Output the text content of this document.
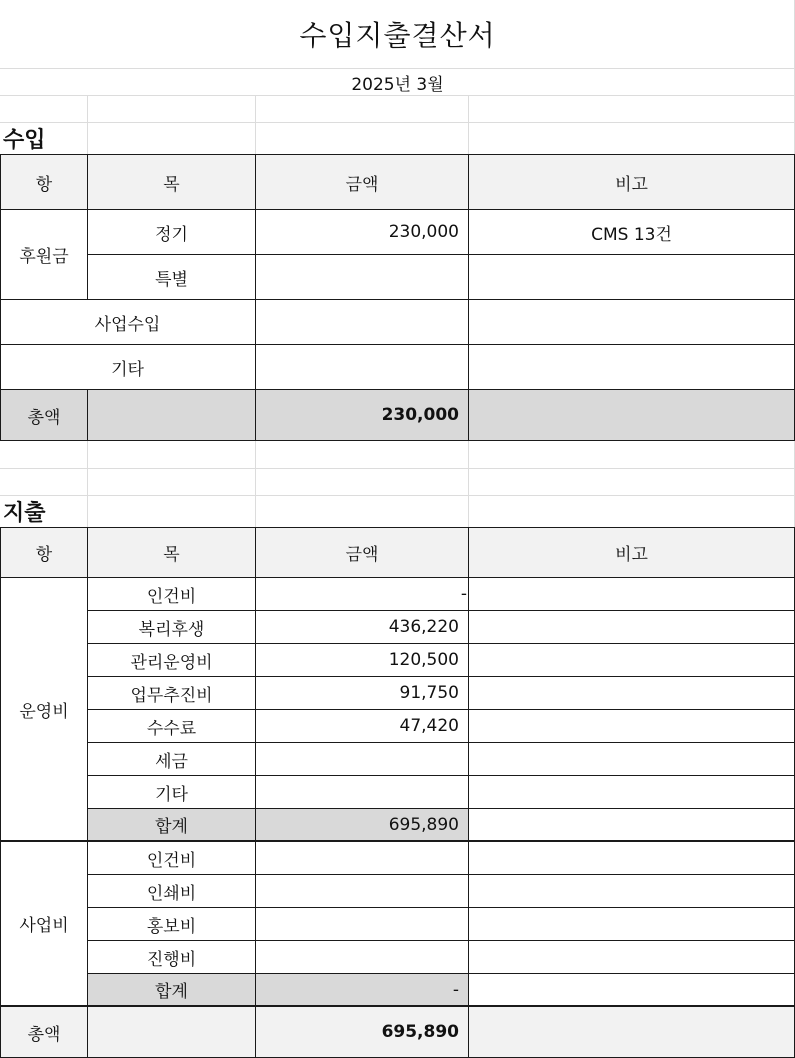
수입지출결산서
2025년 3월
수입
항	목	금액	비고
후원금
정기	230,000	CMS 13건
특별
사업수입
기타
총액	230,000
지출
항	목	금액	비고
운영비
인건비	-
복리후생	436,220
관리운영비	120,500
업무추진비	91,750
수수료	47,420
세금
기타
합계	695,890
사업비
인건비
인쇄비
홍보비
진행비
합계	-
총액	695,890
